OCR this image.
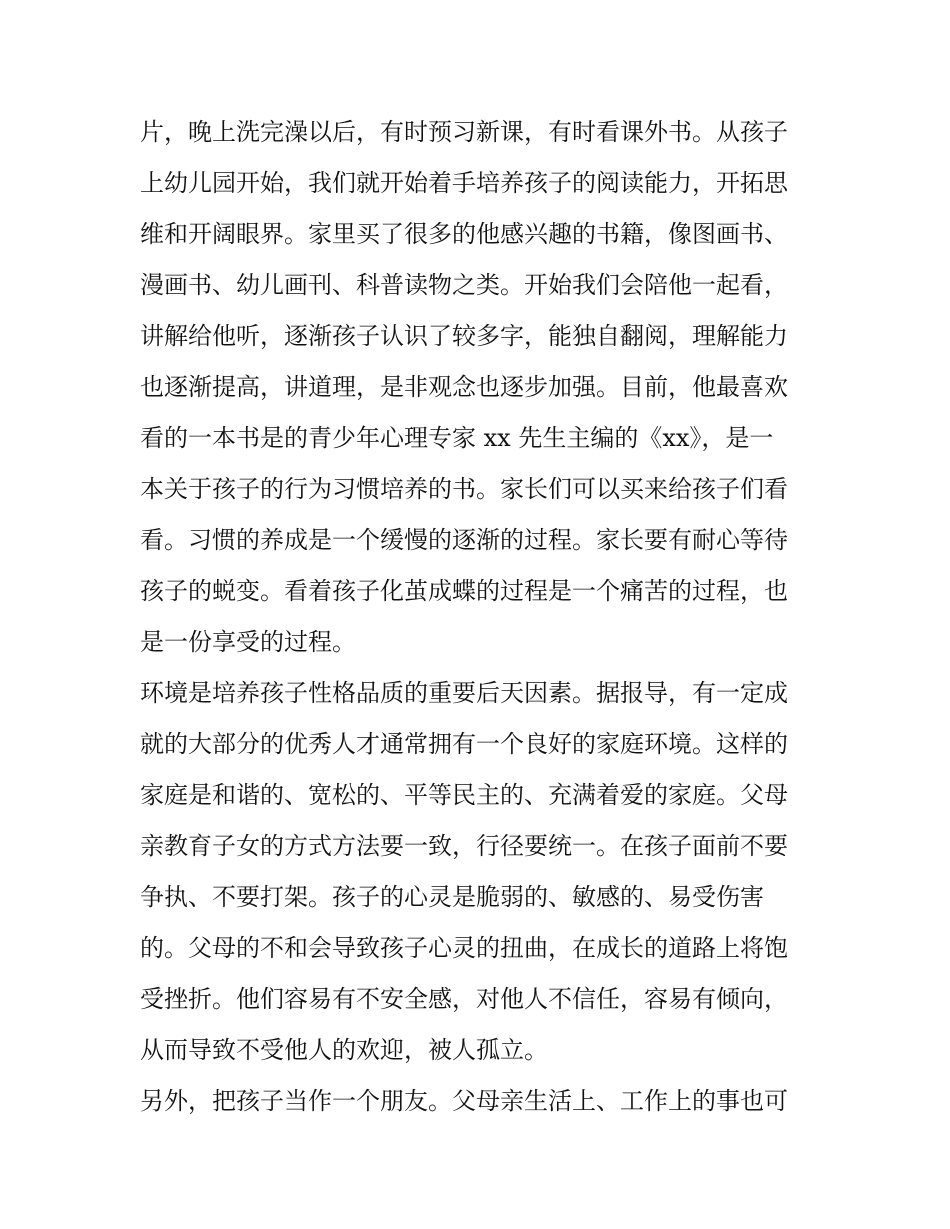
片，晚上洗完澡以后，有时预习新课，有时看课外书。从孩子
上幼儿园开始，我们就开始着手培养孩子的阅读能力，开拓思
维和开阔眼界。家里买了很多的他感兴趣的书籍，像图画书、
漫画书、幼儿画刊、科普读物之类。开始我们会陪他一起看，
讲解给他听，逐渐孩子认识了较多字，能独自翻阅，理解能力
也逐渐提高，讲道理，是非观念也逐步加强。目前，他最喜欢
看的一本书是的青少年心理专家 xx 先生主编的《xx》，是一
本关于孩子的行为习惯培养的书。家长们可以买来给孩子们看
看。习惯的养成是一个缓慢的逐渐的过程。家长要有耐心等待
孩子的蜕变。看着孩子化茧成蝶的过程是一个痛苦的过程，也
是一份享受的过程。
环境是培养孩子性格品质的重要后天因素。据报导，有一定成
就的大部分的优秀人才通常拥有一个良好的家庭环境。这样的
家庭是和谐的、宽松的、平等民主的、充满着爱的家庭。父母
亲教育子女的方式方法要一致，行径要统一。在孩子面前不要
争执、不要打架。孩子的心灵是脆弱的、敏感的、易受伤害
的。父母的不和会导致孩子心灵的扭曲，在成长的道路上将饱
受挫折。他们容易有不安全感，对他人不信任，容易有倾向，
从而导致不受他人的欢迎，被人孤立。
另外，把孩子当作一个朋友。父母亲生活上、工作上的事也可
